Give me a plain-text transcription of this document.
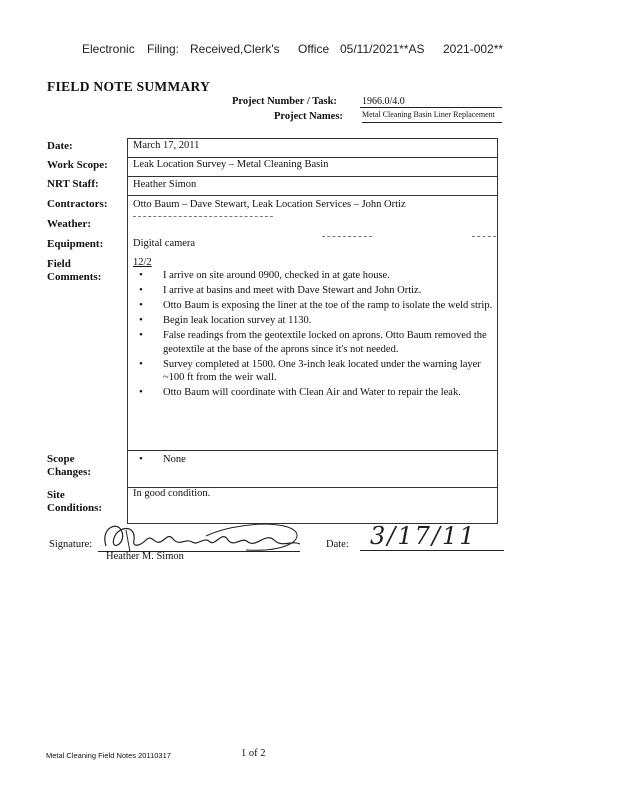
Electronic Filing: Received,Clerk's Office 05/11/2021**AS 2021-002**
FIELD NOTE SUMMARY
Project Number / Task:	1966.0/4.0
Project Names: Metal Cleaning Basin Liner Replacement
Date:
Work Scope:
NRT Staff:
Contractors:
Weather:
Equipment:
Field
Comments:
Scope
Changes:
Site
Conditions:
March 17, 2011
Leak Location Survey – Metal Cleaning Basin
Heather Simon
Otto Baum – Dave Stewart, Leak Location Services – John Ortiz
Digital camera
12/2
• I arrive on site around 0900, checked in at gate house.
• I arrive at basins and meet with Dave Stewart and John Ortiz.
• Otto Baum is exposing the liner at the toe of the ramp to isolate the weld strip.
• Begin leak location survey at 1130.
• False readings from the geotextile locked on aprons. Otto Baum removed the geotextile at the base of the aprons since it's not needed.
• Survey completed at 1500. One 3-inch leak located under the warning layer ~100 ft from the weir wall.
• Otto Baum will coordinate with Clean Air and Water to repair the leak.
• None
In good condition.
Signature:
Heather M. Simon
Date: 3/17/11
Metal Cleaning Field Notes 20110317	1 of 2
